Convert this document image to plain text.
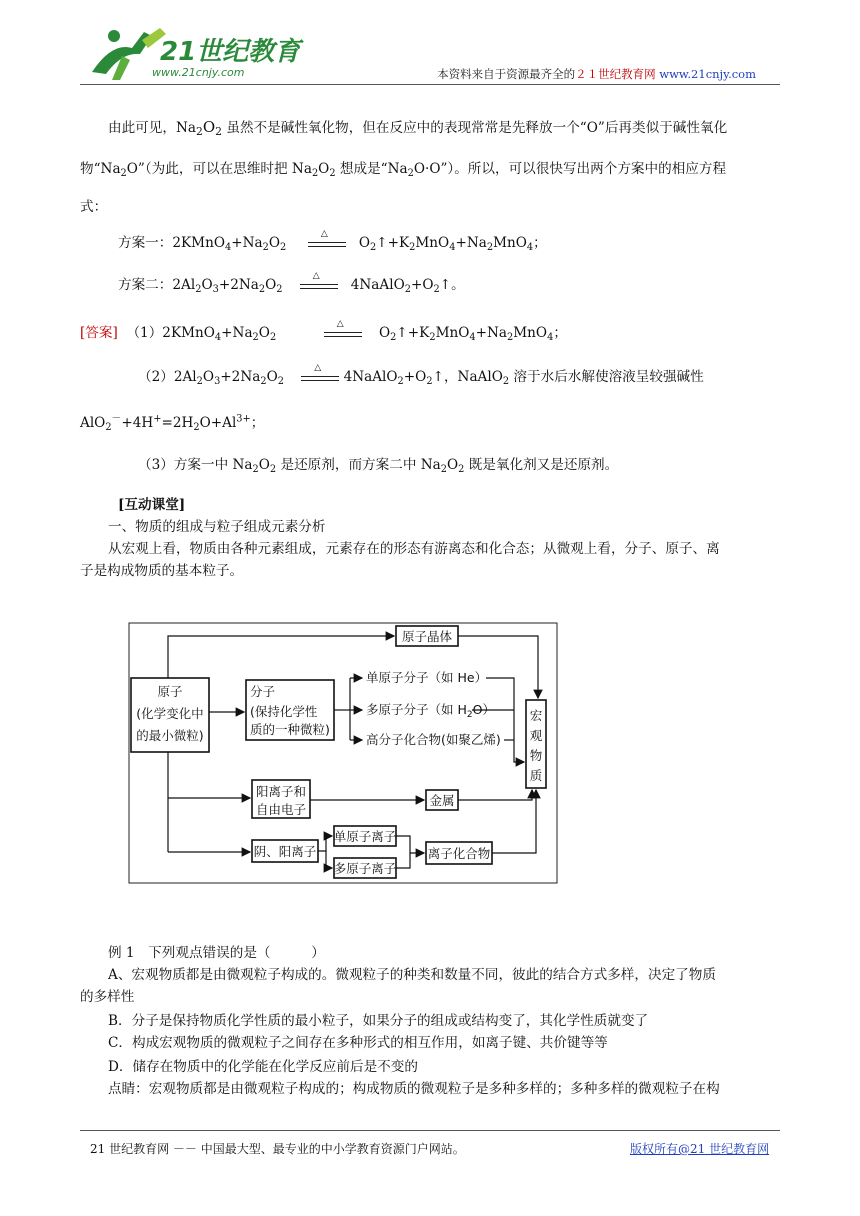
21世纪教育
www.21cnjy.com	本资料来自于资源最齐全的２１世纪教育网 www.21cnjy.com
由此可见，$Na_2O_2$ 虽然不是碱性氧化物，但在反应中的表现常常是先释放一个“O”后再类似于碱性氧化
物“$Na_2O$”（为此，可以在思维时把 $Na_2O_2$ 想成是“$Na_2O\cdot O$”）。所以，可以很快写出两个方案中的相应方程
式：
方案一：$2KMnO_4+Na_2O_2$
△
$O_2↑+K_2MnO_4+Na_2MnO_4$；
方案二：$2Al_2O_3+2Na_2O_2$
△
$4NaAlO_2+O_2↑$。
[答案] $(1)2KMnO_4+Na_2O_2$
△
$O_2↑+K_2MnO_4+Na_2MnO_4$；
$(2)2Al_2O_3+2Na_2O_2$
△
$4NaAlO_2+O_2↑$，NaAlO$_2$ 溶于水后水解使溶液呈较强碱性
$AlO_2^-+4H^+=2H_2O+Al^{3+}$；
（3）方案一中 $Na_2O_2$ 是还原剂，而方案二中 $Na_2O_2$ 既是氧化剂又是还原剂。
[互动课堂]
一、物质的组成与粒子组成元素分析
从宏观上看，物质由各种元素组成，元素存在的形态有游离态和化合态；从微观上看，分子、原子、离
子是构成物质的基本粒子。
原子
(化学变化中
的最小微粒)
分子
(保持化学性
质的一种微粒)
原子晶体
单原子分子（如 He）
多原子分子（如 $H_2O$）
高分子化合物(如聚乙烯)
宏
观
物
质
阳离子和
自由电子
金属
阴、阳离子
单原子离子
多原子离子
离子化合物
例 1　下列观点错误的是（　　　）
A、宏观物质都是由微观粒子构成的。微观粒子的种类和数量不同，彼此的结合方式多样，决定了物质
的多样性
B．分子是保持物质化学性质的最小粒子，如果分子的组成或结构变了，其化学性质就变了
C．构成宏观物质的微观粒子之间存在多种形式的相互作用，如离子键、共价键等等
D．储存在物质中的化学能在化学反应前后是不变的
点睛：宏观物质都是由微观粒子构成的；构成物质的微观粒子是多种多样的；多种多样的微观粒子在构
21 世纪教育网 －－ 中国最大型、最专业的中小学教育资源门户网站。	版权所有@21 世纪教育网
